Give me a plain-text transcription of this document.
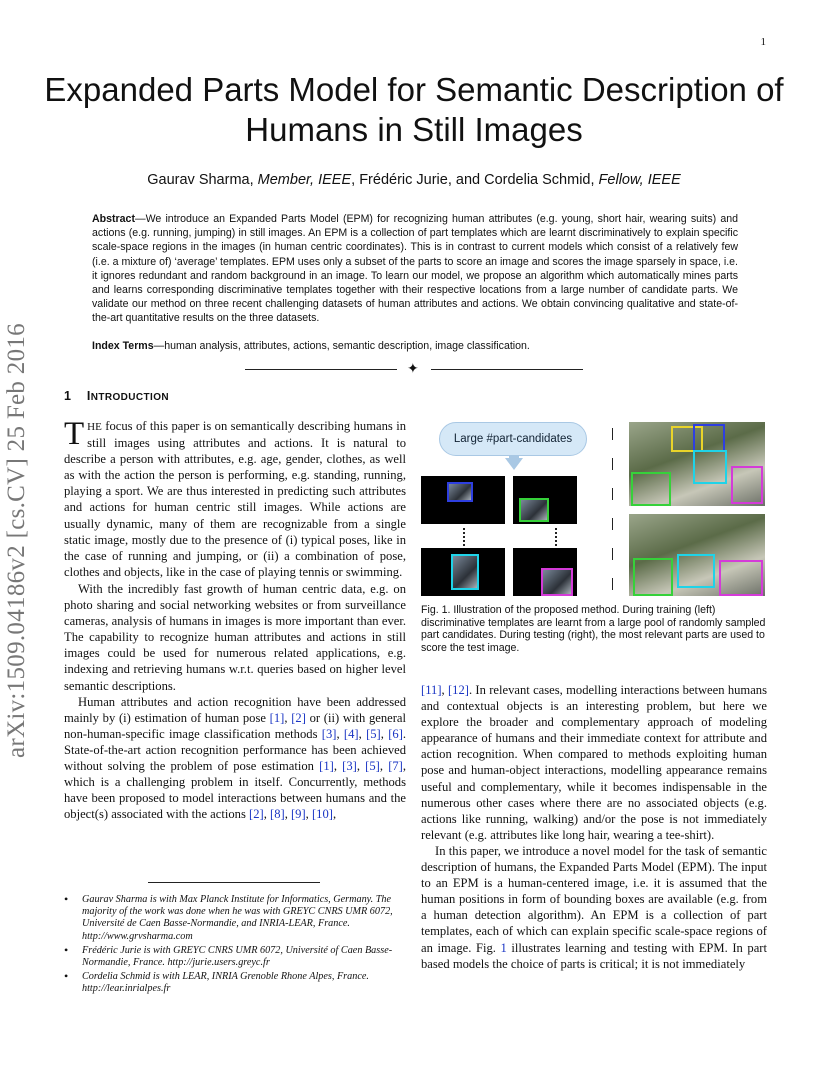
1
arXiv:1509.04186v2 [cs.CV] 25 Feb 2016
Expanded Parts Model for Semantic Description of Humans in Still Images
Gaurav Sharma, Member, IEEE, Frédéric Jurie, and Cordelia Schmid, Fellow, IEEE
Abstract—We introduce an Expanded Parts Model (EPM) for recognizing human attributes (e.g. young, short hair, wearing suits) and actions (e.g. running, jumping) in still images. An EPM is a collection of part templates which are learnt discriminatively to explain specific scale-space regions in the images (in human centric coordinates). This is in contrast to current models which consist of a relatively few (i.e. a mixture of) ‘average’ templates. EPM uses only a subset of the parts to score an image and scores the image sparsely in space, i.e. it ignores redundant and random background in an image. To learn our model, we propose an algorithm which automatically mines parts and learns corresponding discriminative templates together with their respective locations from a large number of candidate parts. We validate our method on three recent challenging datasets of human attributes and actions. We obtain convincing qualitative and state-of-the-art quantitative results on the three datasets.
Index Terms—human analysis, attributes, actions, semantic description, image classification.
✦
1 INTRODUCTION

THE focus of this paper is on semantically describing humans in still images using attributes and actions. It is natural to describe a person with attributes, e.g. age, gender, clothes, as well as with the action the person is performing, e.g. standing, running, playing a sport. We are thus interested in predicting such attributes and actions for human centric still images. While actions are usually dynamic, many of them are recognizable from a single static image, mostly due to the presence of (i) typical poses, like in the case of running and jumping, or (ii) a combination of pose, clothes and objects, like in the case of playing tennis or swimming.

With the incredibly fast growth of human centric data, e.g. on photo sharing and social networking websites or from surveillance cameras, analysis of humans in images is more important than ever. The capability to recognize human attributes and actions in still images could be used for numerous related applications, e.g. indexing and retrieving humans w.r.t. queries based on higher level semantic descriptions.

Human attributes and action recognition have been addressed mainly by (i) estimation of human pose [1], [2] or (ii) with general non-human-specific image classification methods [3], [4], [5], [6]. State-of-the-art action recognition performance has been achieved without solving the problem of pose estimation [1], [3], [5], [7], which is a challenging problem in itself. Concurrently, methods have been proposed to model interactions between humans and the object(s) associated with the actions [2], [8], [9], [10],

• Gaurav Sharma is with Max Planck Institute for Informatics, Germany. The majority of the work was done when he was with GREYC CNRS UMR 6072, Université de Caen Basse-Normandie, and INRIA-LEAR, France. http://www.grvsharma.com
• Frédéric Jurie is with GREYC CNRS UMR 6072, Université of Caen Basse-Normandie, France. http://jurie.users.greyc.fr
• Cordelia Schmid is with LEAR, INRIA Grenoble Rhone Alpes, France. http://lear.inrialpes.fr
Large #part-candidates
Fig. 1. Illustration of the proposed method. During training (left) discriminative templates are learnt from a large pool of randomly sampled part candidates. During testing (right), the most relevant parts are used to score the test image.

[11], [12]. In relevant cases, modelling interactions between humans and contextual objects is an interesting problem, but here we explore the broader and complementary approach of modeling appearance of humans and their immediate context for attribute and action recognition. When compared to methods exploiting human pose and human-object interactions, modelling appearance remains useful and complementary, while it becomes indispensable in the numerous other cases where there are no associated objects (e.g. actions like running, walking) and/or the pose is not immediately relevant (e.g. attributes like long hair, wearing a tee-shirt).

In this paper, we introduce a novel model for the task of semantic description of humans, the Expanded Parts Model (EPM). The input to an EPM is a human-centered image, i.e. it is assumed that the human positions in form of bounding boxes are available (e.g. from a human detection algorithm). An EPM is a collection of part templates, each of which can explain specific scale-space regions of an image. Fig. 1 illustrates learning and testing with EPM. In part based models the choice of parts is critical; it is not immediately
